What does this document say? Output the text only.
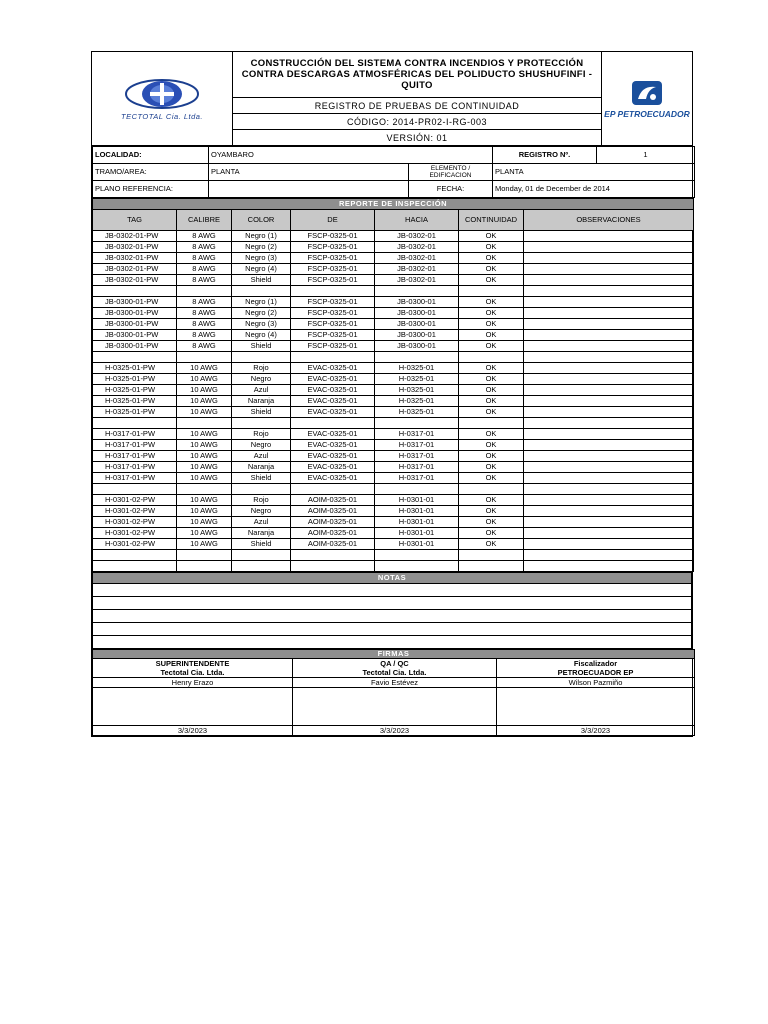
TECTOTAL Cia. Ltda.
CONSTRUCCIÓN DEL SISTEMA CONTRA INCENDIOS Y PROTECCIÓN CONTRA DESCARGAS ATMOSFÉRICAS DEL POLIDUCTO SHUSHUFINFI - QUITO
REGISTRO DE PRUEBAS DE CONTINUIDAD
CÓDIGO: 2014-PR02-I-RG-003
VERSIÓN: 01
EP PETROECUADOR
LOCALIDAD:	OYAMBARO		REGISTRO Nº.	1
TRAMO/AREA:	PLANTA	ELEMENTO / EDIFICACION	PLANTA	
PLANO REFERENCIA:		FECHA:	Monday, 01 de December de 2014	
REPORTE DE INSPECCIÓN						
TAG	CALIBRE	COLOR	DE	HACIA	CONTINUIDAD	OBSERVACIONES
JB-0302-01-PW	8 AWG	Negro (1)	FSCP-0325-01	JB-0302-01	OK	
JB-0302-01-PW	8 AWG	Negro (2)	FSCP-0325-01	JB-0302-01	OK	
JB-0302-01-PW	8 AWG	Negro (3)	FSCP-0325-01	JB-0302-01	OK	
JB-0302-01-PW	8 AWG	Negro (4)	FSCP-0325-01	JB-0302-01	OK	
JB-0302-01-PW	8 AWG	Shield	FSCP-0325-01	JB-0302-01	OK	

JB-0300-01-PW	8 AWG	Negro (1)	FSCP-0325-01	JB-0300-01	OK	
JB-0300-01-PW	8 AWG	Negro (2)	FSCP-0325-01	JB-0300-01	OK	
JB-0300-01-PW	8 AWG	Negro (3)	FSCP-0325-01	JB-0300-01	OK	
JB-0300-01-PW	8 AWG	Negro (4)	FSCP-0325-01	JB-0300-01	OK	
JB-0300-01-PW	8 AWG	Shield	FSCP-0325-01	JB-0300-01	OK	

H-0325-01-PW	10 AWG	Rojo	EVAC-0325-01	H-0325-01	OK	
H-0325-01-PW	10 AWG	Negro	EVAC-0325-01	H-0325-01	OK	
H-0325-01-PW	10 AWG	Azul	EVAC-0325-01	H-0325-01	OK	
H-0325-01-PW	10 AWG	Naranja	EVAC-0325-01	H-0325-01	OK	
H-0325-01-PW	10 AWG	Shield	EVAC-0325-01	H-0325-01	OK	

H-0317-01-PW	10 AWG	Rojo	EVAC-0325-01	H-0317-01	OK	
H-0317-01-PW	10 AWG	Negro	EVAC-0325-01	H-0317-01	OK	
H-0317-01-PW	10 AWG	Azul	EVAC-0325-01	H-0317-01	OK	
H-0317-01-PW	10 AWG	Naranja	EVAC-0325-01	H-0317-01	OK	
H-0317-01-PW	10 AWG	Shield	EVAC-0325-01	H-0317-01	OK	

H-0301-02-PW	10 AWG	Rojo	AOIM-0325-01	H-0301-01	OK	
H-0301-02-PW	10 AWG	Negro	AOIM-0325-01	H-0301-01	OK	
H-0301-02-PW	10 AWG	Azul	AOIM-0325-01	H-0301-01	OK	
H-0301-02-PW	10 AWG	Naranja	AOIM-0325-01	H-0301-01	OK	
H-0301-02-PW	10 AWG	Shield	AOIM-0325-01	H-0301-01	OK	

NOTAS

FIRMAS		
SUPERINTENDENTE	QA / QC	Fiscalizador
Tectotal Cia. Ltda.	Tectotal Cia. Ltda.	PETROECUADOR EP
Henry Erazo	Favio Estévez	Wilson Pazmiño

3/3/2023	3/3/2023	3/3/2023
